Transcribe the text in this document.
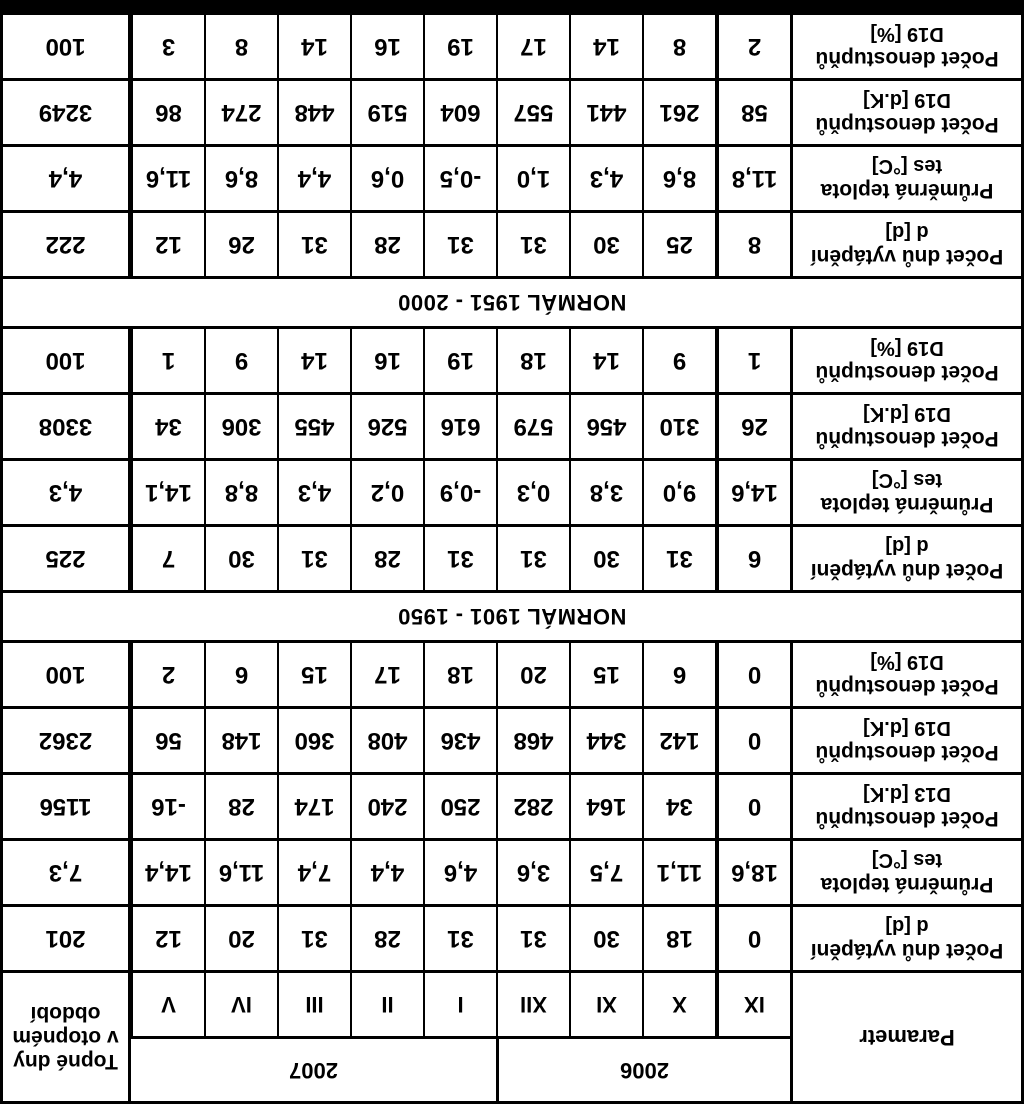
Parametr
2006
2007
IX
X
XI
XII
I
II
III
IV
V
Topné dny
v otopném
období
Počet dnů vytápění
d [d]
0
18
30
31
31
28
31
20
12
201
Průměrná teplota
tes [°C]
18,6
11,1
7,5
3,6
4,6
4,4
7,4
11,6
14,4
7,3
Počet denostupňů
D13 [d.K]
0
34
164
282
250
240
174
28
-16
1156
Počet denostupňů
D19 [d.K]
0
142
344
468
436
408
360
148
56
2362
Počet denostupňů
D19 [%]
0
6
15
20
18
17
15
6
2
100
NORMÁL 1901 - 1950
Počet dnů vytápění
d [d]
6
31
30
31
31
28
31
30
7
225
Průměrná teplota
tes [°C]
14,6
9,0
3,8
0,3
-0,9
0,2
4,3
8,8
14,1
4,3
Počet denostupňů
D19 [d.K]
26
310
456
579
616
526
455
306
34
3308
Počet denostupňů
D19 [%]
1
9
14
18
19
16
14
9
1
100
NORMÁL 1951 - 2000
Počet dnů vytápění
d [d]
8
25
30
31
31
28
31
26
12
222
Průměrná teplota
tes [°C]
11,8
8,6
4,3
1,0
-0,5
0,6
4,4
8,6
11,6
4,4
Počet denostupňů
D19 [d.K]
58
261
441
557
604
519
448
274
86
3249
Počet denostupňů
D19 [%]
2
8
14
17
19
16
14
8
3
100
